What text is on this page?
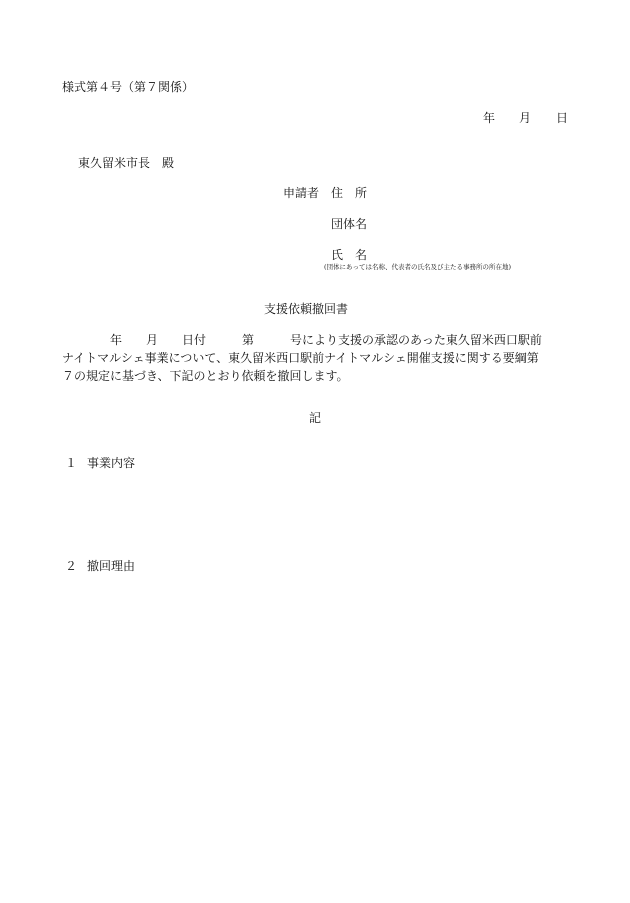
様式第４号（第７関係）
年 月 日
東久留米市長　殿
申請者 住　所
団体名
氏　名
(団体にあっては名称、代表者の氏名及び主たる事務所の所在地)
支援依頼撤回書
　　　　年　　月　　日付　　　第　　　号により支援の承認のあった東久留米西口駅前
ナイトマルシェ事業について、東久留米西口駅前ナイトマルシェ開催支援に関する要綱第
７の規定に基づき、下記のとおり依頼を撤回します。
記
１ 事業内容
２ 撤回理由
